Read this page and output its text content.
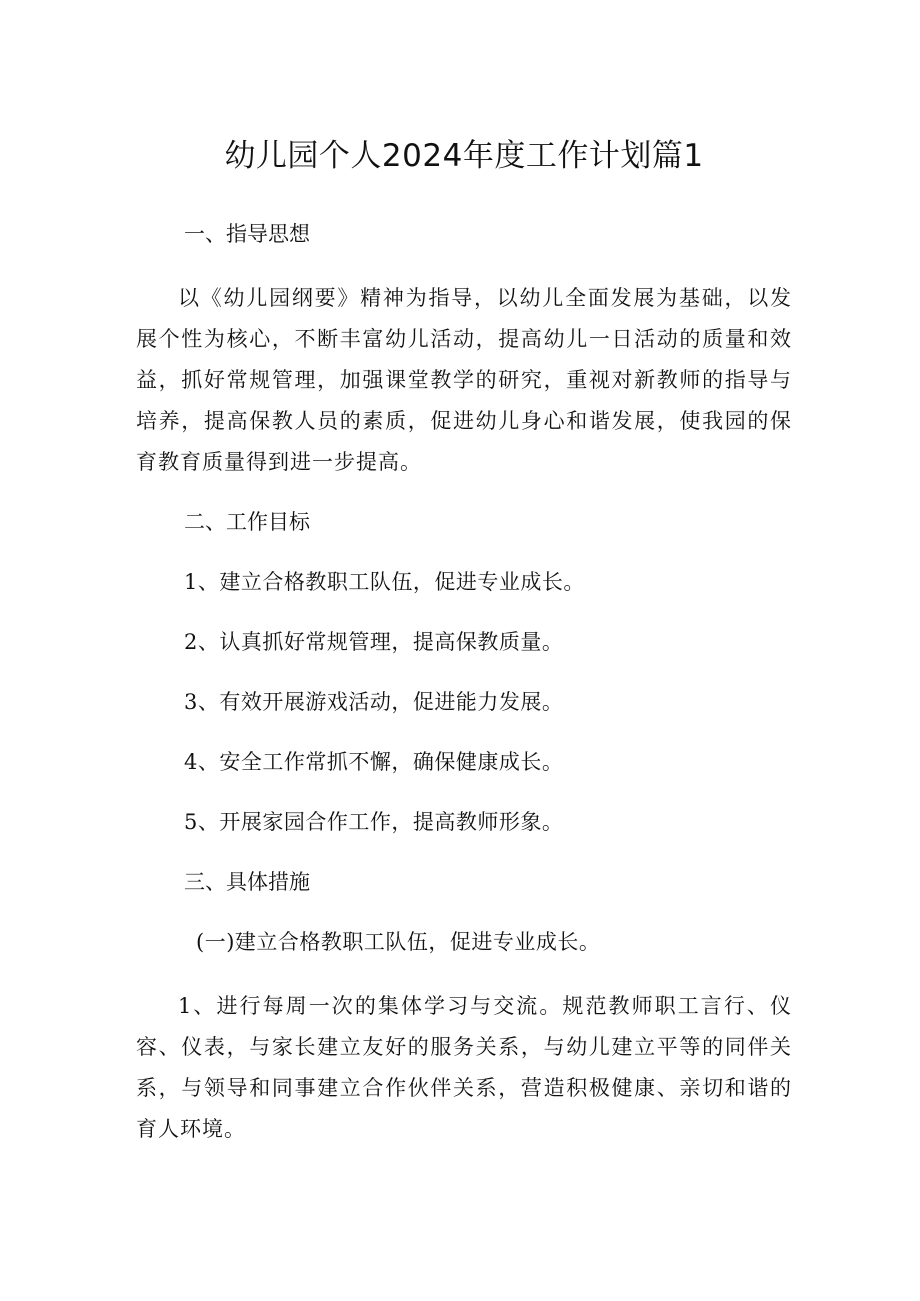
幼儿园个人2024年度工作计划篇1
一、指导思想

以《幼儿园纲要》精神为指导，以幼儿全面发展为基础，以发展个性为核心，不断丰富幼儿活动，提高幼儿一日活动的质量和效益，抓好常规管理，加强课堂教学的研究，重视对新教师的指导与培养，提高保教人员的素质，促进幼儿身心和谐发展，使我园的保育教育质量得到进一步提高。

二、工作目标
1、建立合格教职工队伍，促进专业成长。
2、认真抓好常规管理，提高保教质量。
3、有效开展游戏活动，促进能力发展。
4、安全工作常抓不懈，确保健康成长。
5、开展家园合作工作，提高教师形象。
三、具体措施
(一)建立合格教职工队伍，促进专业成长。

1、进行每周一次的集体学习与交流。规范教师职工言行、仪容、仪表，与家长建立友好的服务关系，与幼儿建立平等的同伴关系，与领导和同事建立合作伙伴关系，营造积极健康、亲切和谐的育人环境。
